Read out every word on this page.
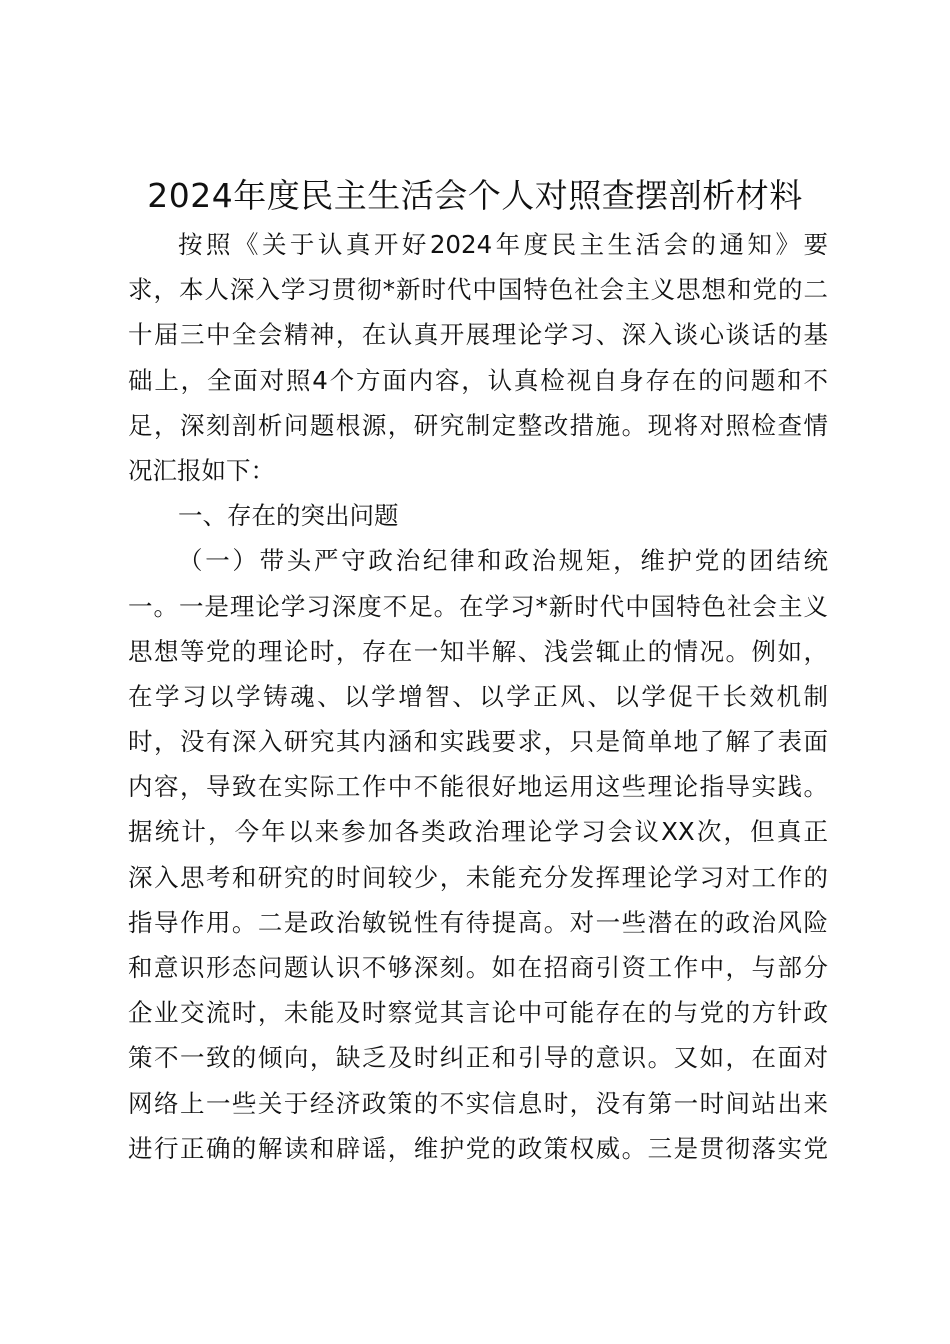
2024年度民主生活会个人对照查摆剖析材料
按照《关于认真开好2024年度民主生活会的通知》要
求，本人深入学习贯彻*新时代中国特色社会主义思想和党的二
十届三中全会精神，在认真开展理论学习、深入谈心谈话的基
础上，全面对照4个方面内容，认真检视自身存在的问题和不
足，深刻剖析问题根源，研究制定整改措施。现将对照检查情
况汇报如下：
一、存在的突出问题
（一）带头严守政治纪律和政治规矩，维护党的团结统
一。一是理论学习深度不足。在学习*新时代中国特色社会主义
思想等党的理论时，存在一知半解、浅尝辄止的情况。例如，
在学习以学铸魂、以学增智、以学正风、以学促干长效机制
时，没有深入研究其内涵和实践要求，只是简单地了解了表面
内容，导致在实际工作中不能很好地运用这些理论指导实践。
据统计，今年以来参加各类政治理论学习会议XX次，但真正
深入思考和研究的时间较少，未能充分发挥理论学习对工作的
指导作用。二是政治敏锐性有待提高。对一些潜在的政治风险
和意识形态问题认识不够深刻。如在招商引资工作中，与部分
企业交流时，未能及时察觉其言论中可能存在的与党的方针政
策不一致的倾向，缺乏及时纠正和引导的意识。又如，在面对
网络上一些关于经济政策的不实信息时，没有第一时间站出来
进行正确的解读和辟谣，维护党的政策权威。三是贯彻落实党
